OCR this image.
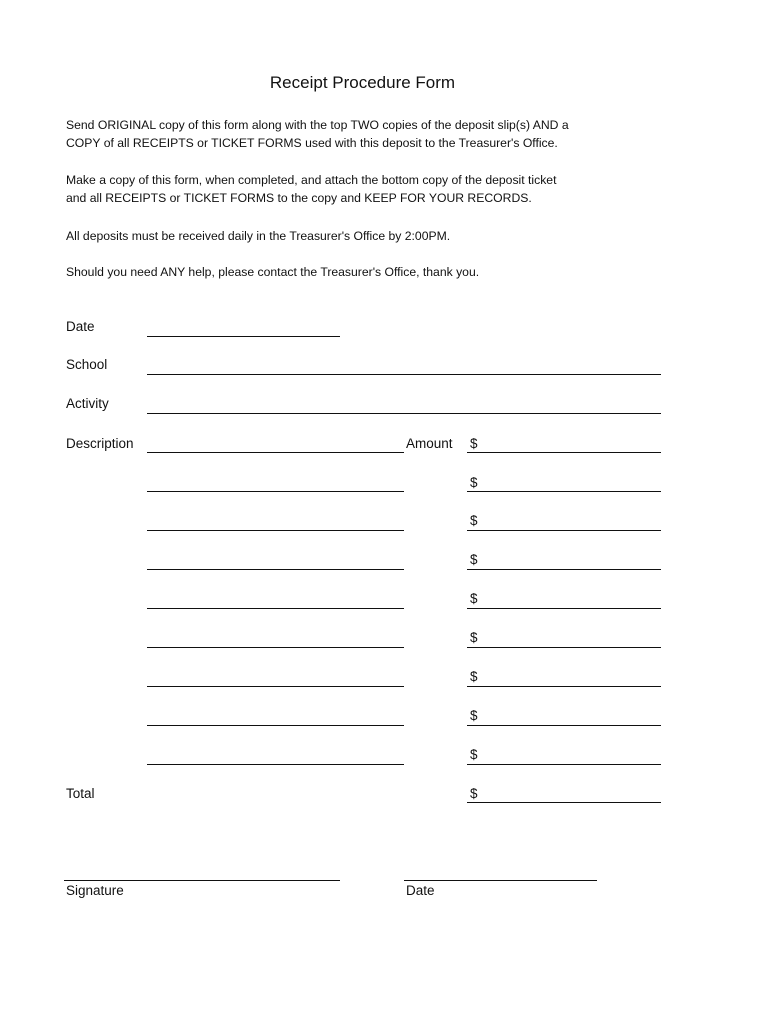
Receipt Procedure Form
Send ORIGINAL copy of this form along with the top TWO copies of the deposit slip(s) AND a
COPY of all RECEIPTS or TICKET FORMS used with this deposit to the Treasurer's Office.
Make a copy of this form, when completed, and attach the bottom copy of the deposit ticket
and all RECEIPTS or TICKET FORMS to the copy and KEEP FOR YOUR RECORDS.
All deposits must be received daily in the Treasurer's Office by 2:00PM.
Should you need ANY help, please contact the Treasurer's Office, thank you.
Date
School
Activity
Description	Amount $
$
$
$
$
$
$
$
$
Total	$
Signature	Date
